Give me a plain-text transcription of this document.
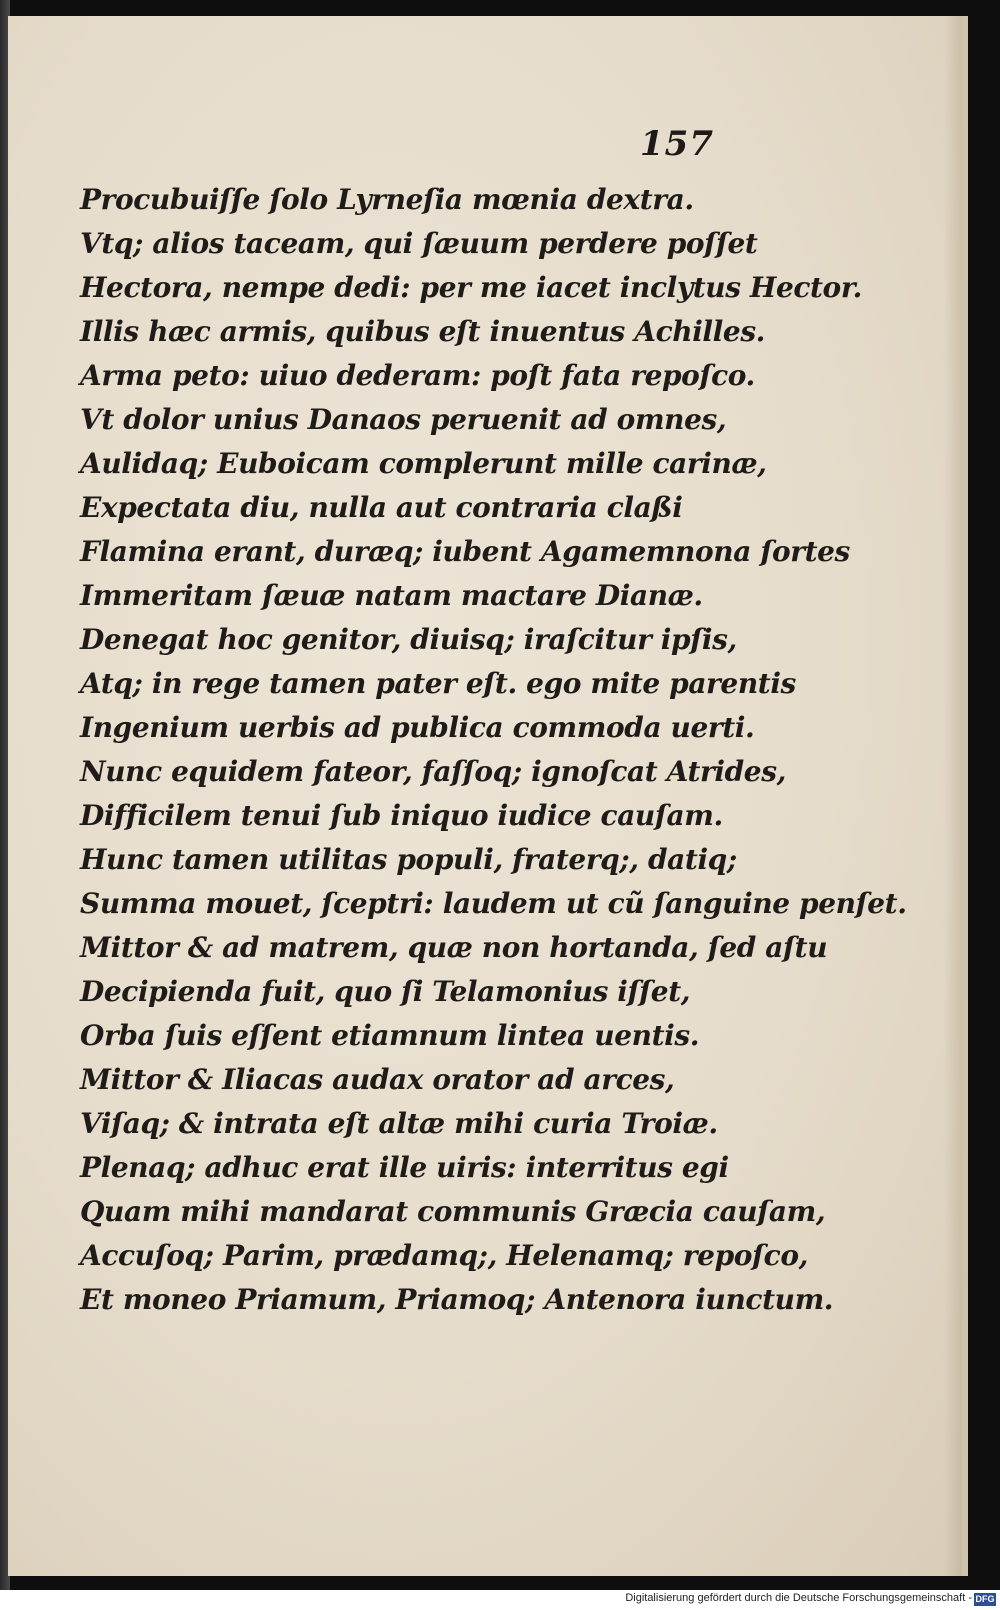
157
Procubuiſſe ſolo Lyrneſia mœnia dextra.
Vtq; alios taceam, qui ſæuum perdere poſſet
Hectora, nempe dedi: per me iacet inclytus Hector.
Illis hæc armis, quibus eſt inuentus Achilles.
Arma peto: uiuo dederam: poſt fata repoſco.
Vt dolor unius Danaos peruenit ad omnes,
Aulidaq; Euboicam complerunt mille carinæ,
Expectata diu, nulla aut contraria claßi
Flamina erant, duræq; iubent Agamemnona ſortes
Immeritam ſæuæ natam mactare Dianæ.
Denegat hoc genitor, diuisq; iraſcitur ipſis,
Atq; in rege tamen pater eſt. ego mite parentis
Ingenium uerbis ad publica commoda uerti.
Nunc equidem fateor, faſſoq; ignoſcat Atrides,
Difficilem tenui ſub iniquo iudice cauſam.
Hunc tamen utilitas populi, fraterq;, datiq;
Summa mouet, ſceptri: laudem ut cũ ſanguine penſet.
Mittor & ad matrem, quæ non hortanda, ſed aſtu
Decipienda fuit, quo ſi Telamonius iſſet,
Orba ſuis eſſent etiamnum lintea uentis.
Mittor & Iliacas audax orator ad arces,
Viſaq; & intrata eſt altæ mihi curia Troiæ.
Plenaq; adhuc erat ille uiris: interritus egi
Quam mihi mandarat communis Græcia cauſam,
Accuſoq; Parim, prædamq;, Helenamq; repoſco,
Et moneo Priamum, Priamoq; Antenora iunctum.
Digitalisierung gefördert durch die Deutsche Forschungsgemeinschaft - DFG
